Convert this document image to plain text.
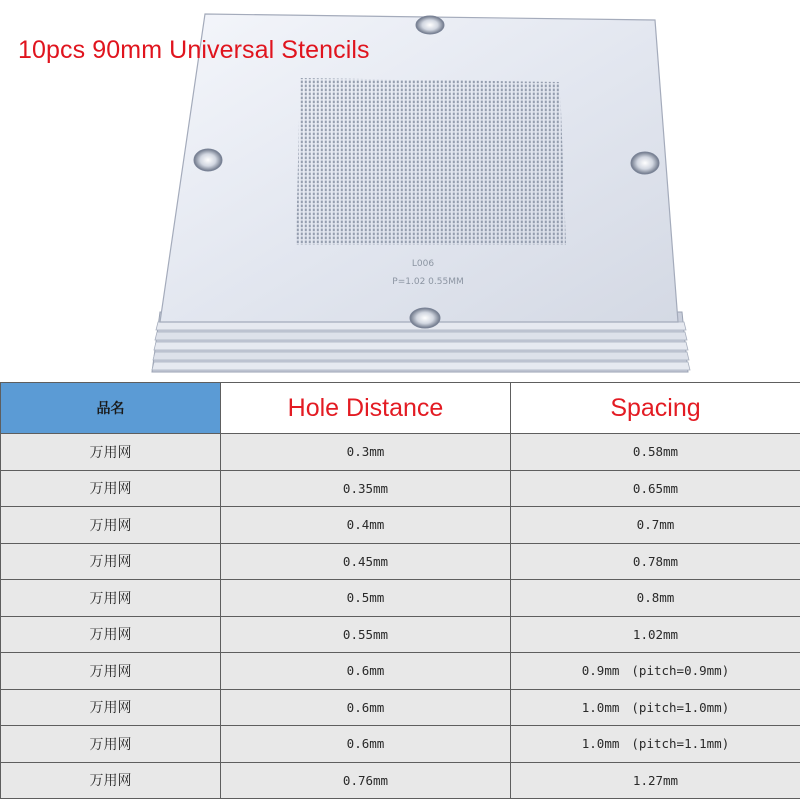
L006
P=1.02 0.55MM
10pcs 90mm Universal Stencils
品名	Hole Distance	Spacing
万用网	0.3mm	0.58mm
万用网	0.35mm	0.65mm
万用网	0.4mm	0.7mm
万用网	0.45mm	0.78mm
万用网	0.5mm	0.8mm
万用网	0.55mm	1.02mm
万用网	0.6mm	0.9mm (pitch=0.9mm)
万用网	0.6mm	1.0mm (pitch=1.0mm)
万用网	0.6mm	1.0mm (pitch=1.1mm)
万用网	0.76mm	1.27mm
